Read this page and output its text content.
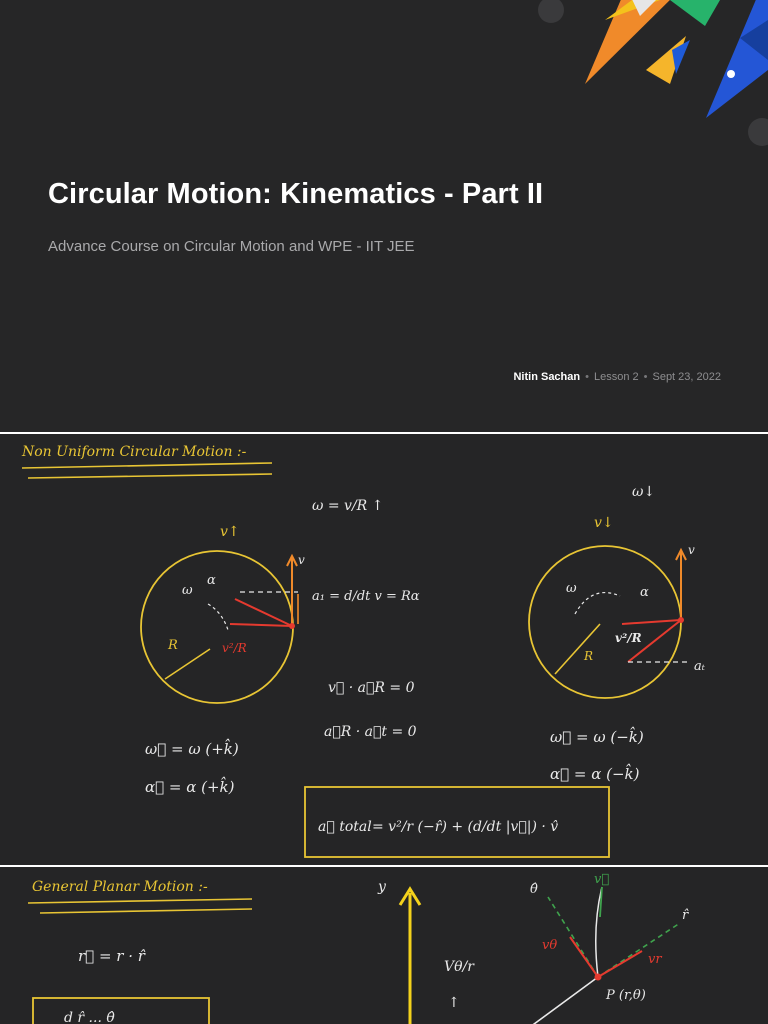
Circular Motion: Kinematics - Part II

Advance Course on Circular Motion and WPE - IIT JEE

Nitin Sachan • Lesson 2 • Sept 23, 2022
Non Uniform Circular Motion :-
ω = v/R ↑
v↑
v
R
ω
α
v²/R
a₁ = d/dt v = Rα
v⃗ · a⃗R = 0
a⃗R · a⃗t = 0
ω⃗ = ω (+k̂)
α⃗ = α (+k̂)
ω↓
v↓
v
R
ω	α
v²/R
aₜ
ω⃗ = ω (−k̂)
α⃗ = α (−k̂)
a⃗ total = v²/r (−r̂) + (d/dt |v⃗|) · v̂
General Planar Motion :-
r⃗ = r · r̂
d r̂ ... θ̂
y
Vθ/r
↑
θ̂
v⃗
r̂
vθ
vr
P (r,θ)
